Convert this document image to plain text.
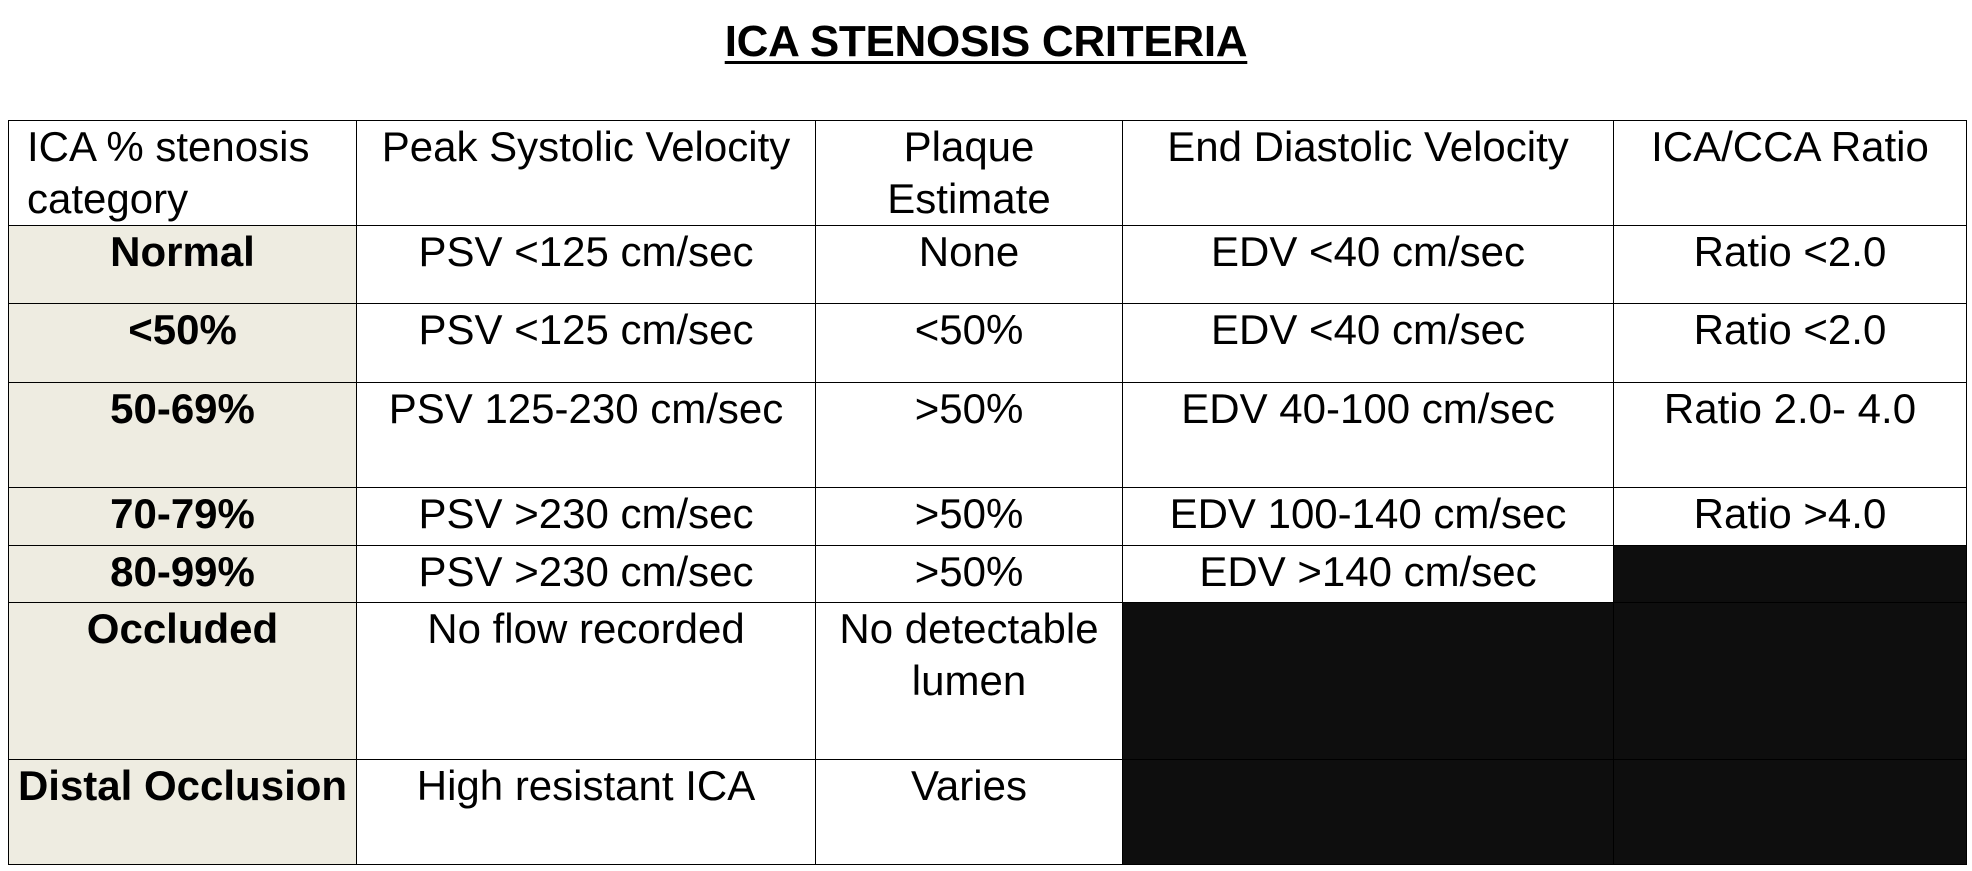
ICA STENOSIS CRITERIA
ICA % stenosis category	Peak Systolic Velocity	Plaque Estimate	End Diastolic Velocity	ICA/CCA Ratio
Normal	PSV <125 cm/sec	None	EDV <40 cm/sec	Ratio <2.0
<50%	PSV <125 cm/sec	<50%	EDV <40 cm/sec	Ratio <2.0
50-69%	PSV 125-230 cm/sec	>50%	EDV 40-100 cm/sec	Ratio 2.0- 4.0
70-79%	PSV >230 cm/sec	>50%	EDV 100-140 cm/sec	Ratio >4.0
80-99%	PSV >230 cm/sec	>50%	EDV >140 cm/sec	
Occluded	No flow recorded	No detectable lumen		
Distal Occlusion	High resistant ICA	Varies		
